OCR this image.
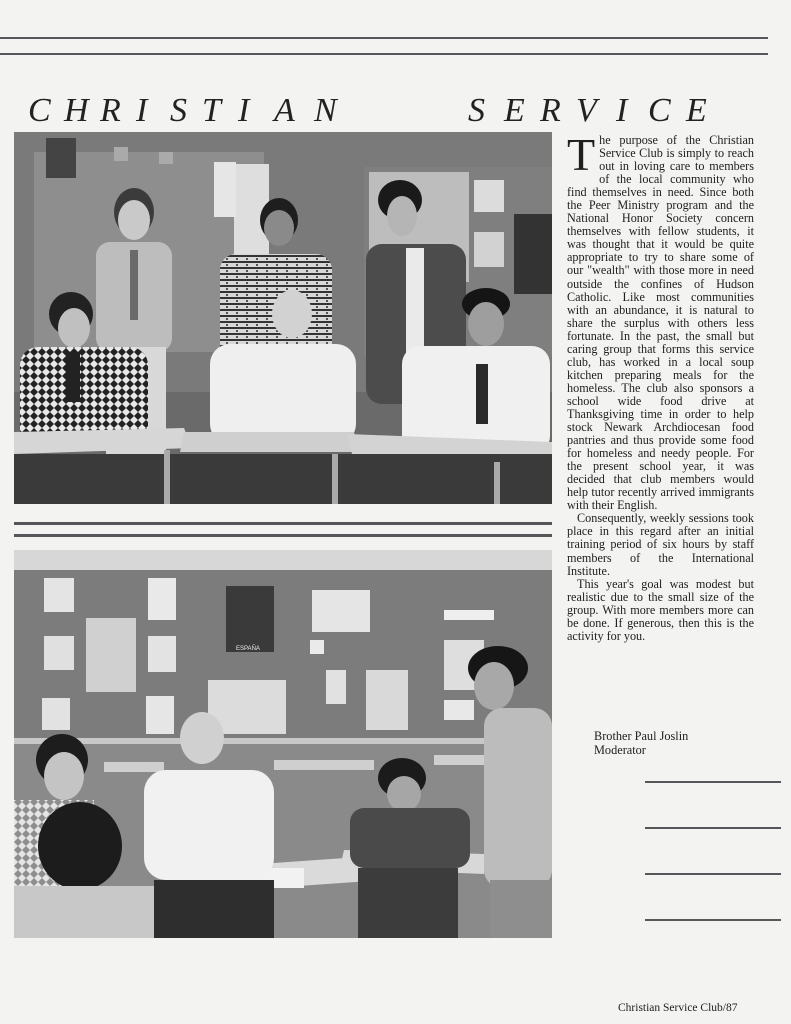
C H R I S T I A N	S E R V I C E
ESPAÑA

The purpose of the Christian Service Club is simply to reach out in loving care to members of the local community who find themselves in need. Since both the Peer Ministry program and the National Honor Society concern themselves with fellow students, it was thought that it would be quite appropriate to try to share some of our "wealth" with those more in need outside the confines of Hudson Catholic. Like most communities with an abundance, it is natural to share the surplus with others less fortunate. In the past, the small but caring group that forms this service club, has worked in a local soup kitchen preparing meals for the homeless. The club also sponsors a school wide food drive at Thanksgiving time in order to help stock Newark Archdiocesan food pantries and thus provide some food for homeless and needy people. For the present school year, it was decided that club members would help tutor recently arrived immigrants with their English.

Consequently, weekly sessions took place in this regard after an initial training period of six hours by staff members of the International Institute.

This year's goal was modest but realistic due to the small size of the group. With more members more can be done. If generous, then this is the activity for you.

Brother Paul Joslin
Moderator
Christian Service Club/87
